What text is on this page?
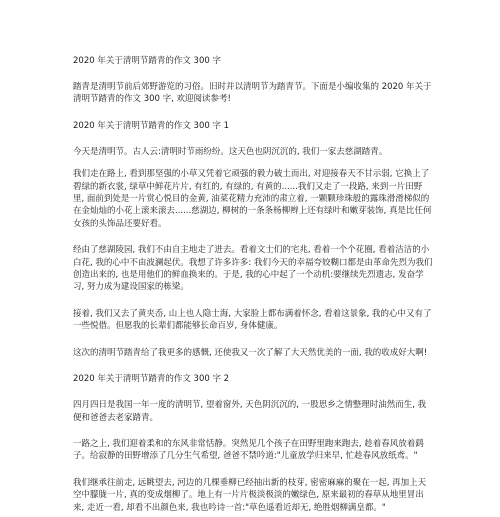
2020 年关于清明节踏青的作文 300 字
踏青是清明节前后郊野游览的习俗。旧时并以清明节为踏青节。下面是小编收集的 2020 年关于清明节踏青的作文 300 字, 欢迎阅读参考!
2020 年关于清明节踏青的作文 300 字 1
今天是清明节。古人云:清明时节雨纷纷。这天色也阴沉沉的, 我们一家去慈湖踏青。
我们走在路上, 看到那坚强的小草又凭着它顽强的毅力破土而出, 对迎接春天不甘示弱, 它换上了碧绿的新衣裳, 绿草中鲜花片片, 有红的, 有绿的, 有黄的......我们又走了一段路, 来到一片田野里, 面前到处是一片赏心悦目的金黄, 油菜花精力充沛的肃立着, 一颗颗珍珠般的露珠滑滑梯似的在金灿灿的小花上滚来滚去......慈湖边, 柳树的一条条杨柳辫上还有绿叶和嫩芽装饰, 真是比任何女孩的头饰品还要好看。
经由了慈湖陵园, 我们不由自主地走了进去。看着文士们的宅兆, 看着一个个花圈, 看着洁洁的小白花, 我的心中不由波澜起伏。我想了许多许多: 我们今天的幸福夸姣糊口都是由革命先烈为我们创造出来的, 也是用他们的鲜血换来的。于是, 我的心中起了一个动机:要继续先烈遗志, 发奋学习, 努力成为建设国家的栋梁。
接着, 我们又去了黄夹岙, 山上也人隐士海, 大家脸上都布满着怀念, 看着这景象, 我的心中又有了一些悦借。但愿我的长辈们都能够长命百岁, 身体健康。
这次的清明节踏青给了我更多的感慨, 还使我又一次了解了大天然优美的一面, 我的收成好大啊!
2020 年关于清明节踏青的作文 300 字 2
四月四日是我国一年一度的清明节, 望着窗外, 天色阴沉沉的, 一股思乡之情整理时油然而生, 我便和爸爸去老家踏青。
一路之上, 我们迎着柔和的东风非常恬静。突然见几个孩子在田野里跑来跑去, 趁着春风放着鹞子。给寂静的田野增添了几分生气希望, 爸爸不禁吟道:"儿童放学归来早, 忙趁春风放纸鸢。"
我们继承往前走, 远眺望去, 河边的几棵垂柳已经抽出新的枝芽, 密密麻麻的聚在一起, 再加上天空中朦胧一片, 真的变成烟柳了。地上有一片片极淡极淡的嫩绿色, 原来最初的春草从地里冒出来, 走近一看, 却看不出颜色来, 我也吟诗一首:"草色遥看近却无, 绝胜烟柳满皇都。"
